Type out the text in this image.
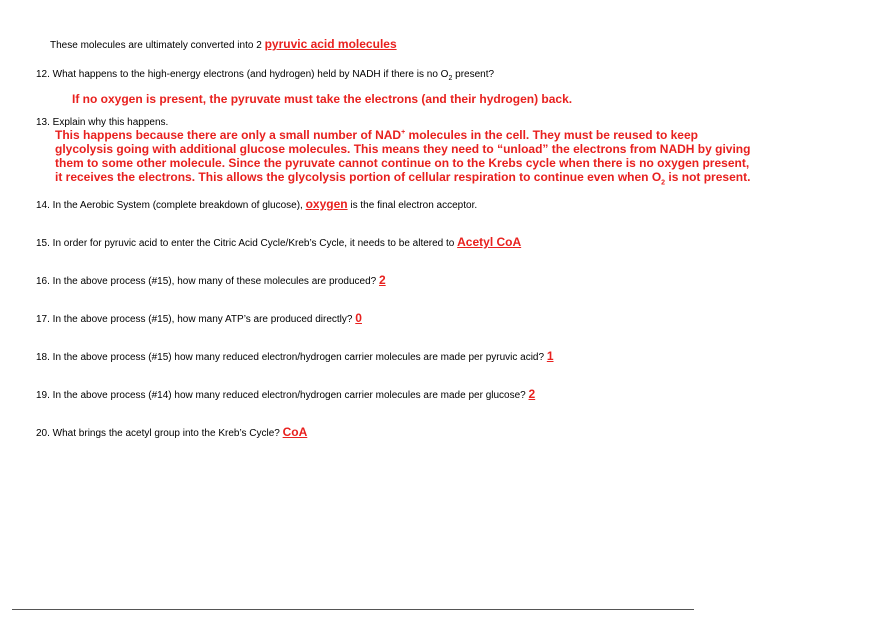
These molecules are ultimately converted into 2 pyruvic acid molecules
12. What happens to the high-energy electrons (and hydrogen) held by NADH if there is no $O_2$ present?
If no oxygen is present, the pyruvate must take the electrons (and their hydrogen) back.
13. Explain why this happens.
This happens because there are only a small number of NAD+ molecules in the cell. They must be reused to keep
glycolysis going with additional glucose molecules. This means they need to “unload” the electrons from NADH by giving
them to some other molecule. Since the pyruvate cannot continue on to the Krebs cycle when there is no oxygen present,
it receives the electrons. This allows the glycolysis portion of cellular respiration to continue even when $O_2$ is not present.
14. In the Aerobic System (complete breakdown of glucose), oxygen is the final electron acceptor.
15. In order for pyruvic acid to enter the Citric Acid Cycle/Kreb’s Cycle, it needs to be altered to Acetyl CoA
16. In the above process (#15), how many of these molecules are produced? 2
17. In the above process (#15), how many ATP’s are produced directly? 0
18. In the above process (#15) how many reduced electron/hydrogen carrier molecules are made per pyruvic acid? 1
19. In the above process (#14) how many reduced electron/hydrogen carrier molecules are made per glucose? 2
20. What brings the acetyl group into the Kreb’s Cycle? CoA
